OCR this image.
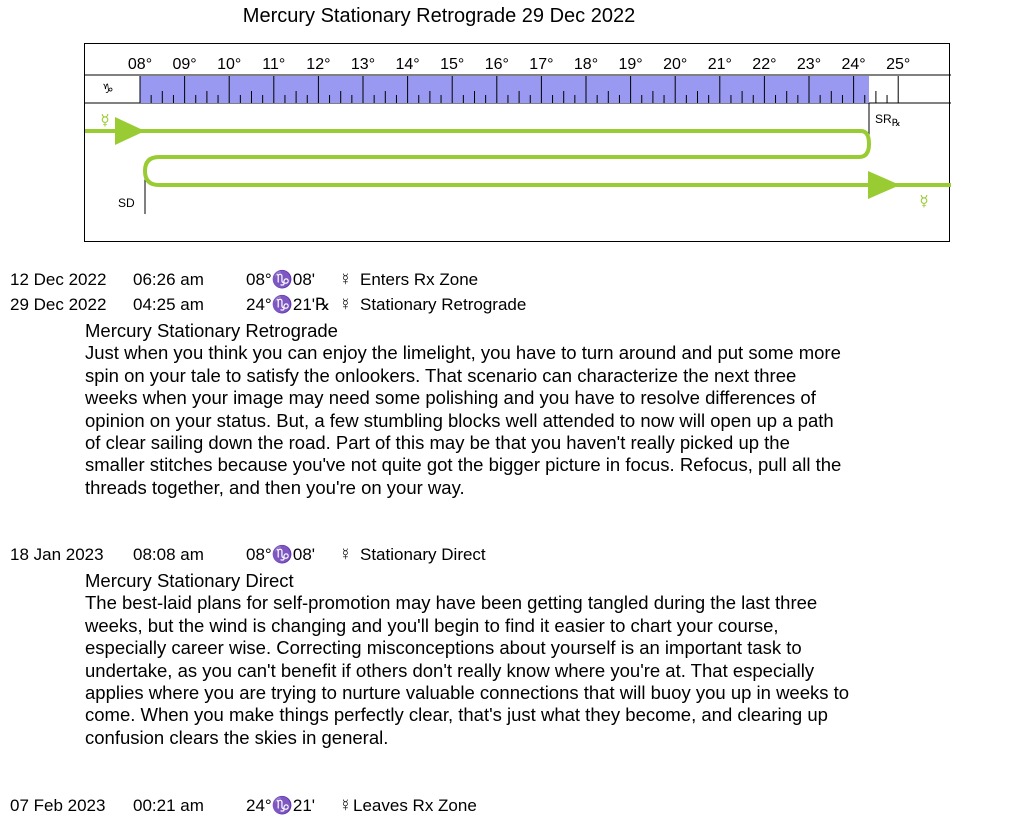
Mercury Stationary Retrograde 29 Dec 2022
08° 09° 10° 11° 12° 13° 14° 15° 16° 17° 18° 19° 20° 21° 22° 23° 24° 25°
♑
☿
☿
$SR_℞$
SD
12 Dec 2022 06:26 am 08°♑08' ☿ Enters Rx Zone
29 Dec 2022 04:25 am 24°♑21'℞ ☿ Stationary Retrograde
Mercury Stationary Retrograde
Just when you think you can enjoy the limelight, you have to turn around and put some more
spin on your tale to satisfy the onlookers. That scenario can characterize the next three
weeks when your image may need some polishing and you have to resolve differences of
opinion on your status. But, a few stumbling blocks well attended to now will open up a path
of clear sailing down the road. Part of this may be that you haven't really picked up the
smaller stitches because you've not quite got the bigger picture in focus. Refocus, pull all the
threads together, and then you're on your way.
18 Jan 2023 08:08 am 08°♑08' ☿ Stationary Direct
Mercury Stationary Direct
The best-laid plans for self-promotion may have been getting tangled during the last three
weeks, but the wind is changing and you'll begin to find it easier to chart your course,
especially career wise. Correcting misconceptions about yourself is an important task to
undertake, as you can't benefit if others don't really know where you're at. That especially
applies where you are trying to nurture valuable connections that will buoy you up in weeks to
come. When you make things perfectly clear, that's just what they become, and clearing up
confusion clears the skies in general.
07 Feb 2023 00:21 am 24°♑21' ☿ Leaves Rx Zone
